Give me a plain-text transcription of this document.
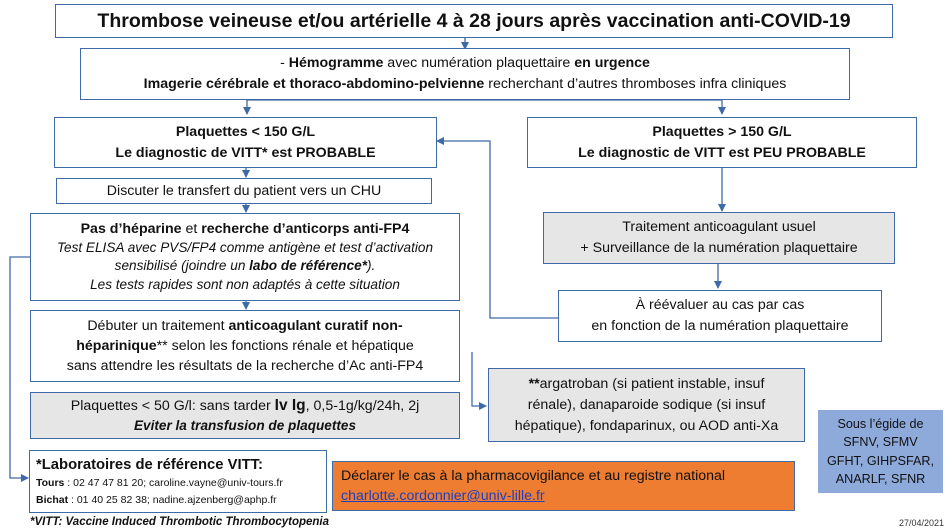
Thrombose veineuse et/ou artérielle 4 à 28 jours après vaccination anti-COVID-19
- Hémogramme avec numération plaquettaire en urgence
Imagerie cérébrale et thoraco-abdomino-pelvienne recherchant d’autres thromboses infra cliniques
Plaquettes < 150 G/L
Le diagnostic de VITT* est PROBABLE
Plaquettes > 150 G/L
Le diagnostic de VITT est PEU PROBABLE
Discuter le transfert du patient vers un CHU
Pas d’héparine et recherche d’anticorps anti-FP4
Test ELISA avec PVS/FP4 comme antigène et test d’activation
sensibilisé (joindre un labo de référence*).
Les tests rapides sont non adaptés à cette situation
Traitement anticoagulant usuel
+ Surveillance de la numération plaquettaire
À réévaluer au cas par cas
en fonction de la numération plaquettaire
Débuter un traitement anticoagulant curatif non-
héparinique** selon les fonctions rénale et hépatique
sans attendre les résultats de la recherche d’Ac anti-FP4
Plaquettes < 50 G/l: sans tarder Iv Ig, 0,5-1g/kg/24h, 2j
Eviter la transfusion de plaquettes
**argatroban (si patient instable, insuf
rénale), danaparoide sodique (si insuf
hépatique), fondaparinux, ou AOD anti-Xa
*Laboratoires de référence VITT:
Tours : 02 47 47 81 20; caroline.vayne@univ-tours.fr
Bichat : 01 40 25 82 38; nadine.ajzenberg@aphp.fr
Déclarer le cas à la pharmacovigilance et au registre national
charlotte.cordonnier@univ-lille.fr
Sous l’égide de
SFNV, SFMV
GFHT, GIHPSFAR,
ANARLF, SFNR
*VITT: Vaccine Induced Thrombotic Thrombocytopenia	27/04/2021
